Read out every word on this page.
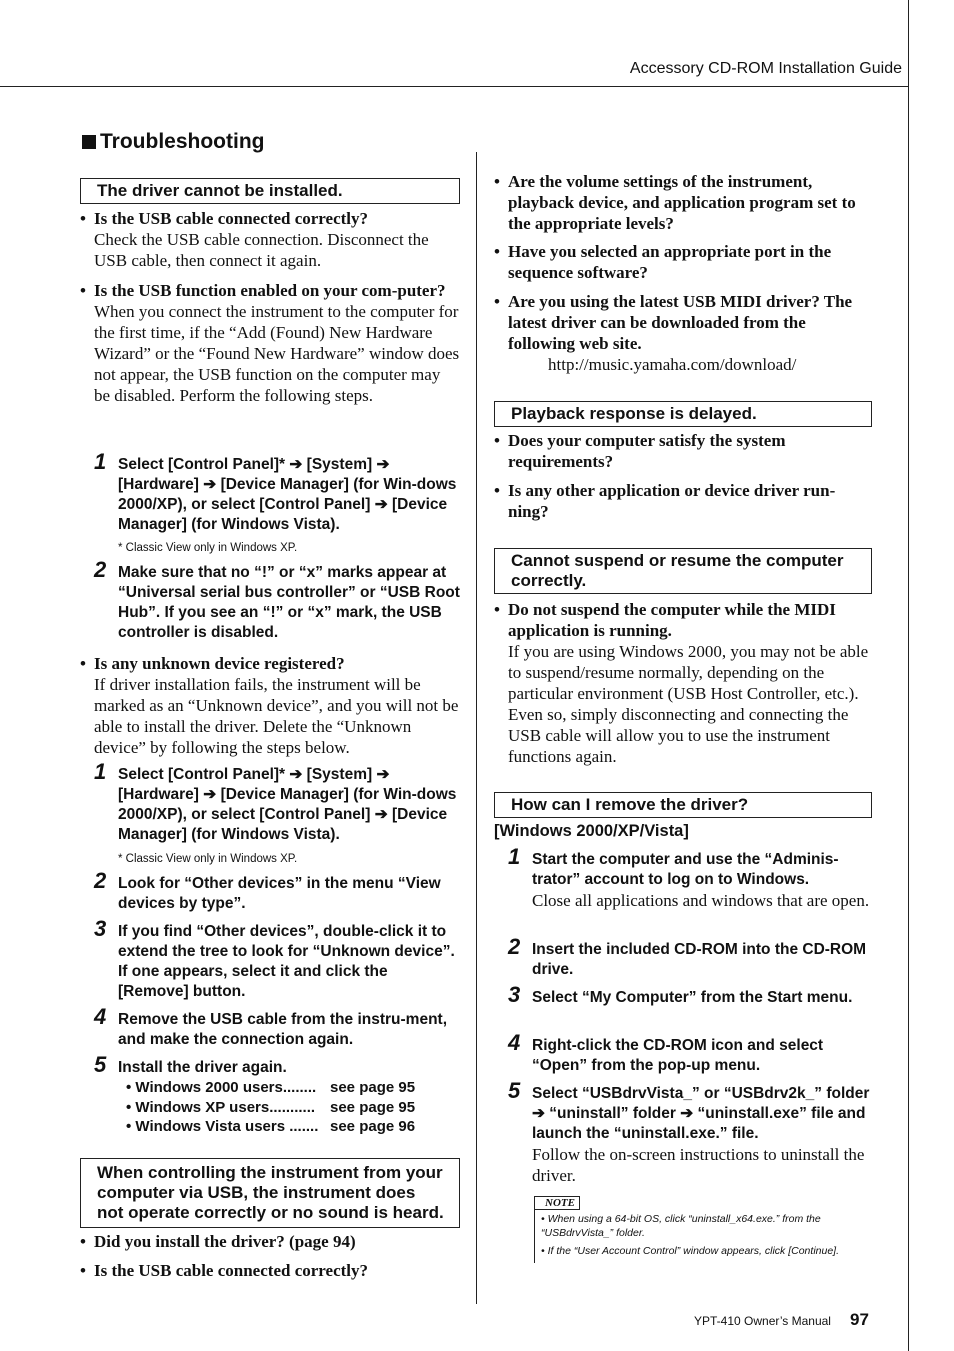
Accessory CD-ROM Installation Guide
Troubleshooting
The driver cannot be installed.
• Is the USB cable connected correctly?
Check the USB cable connection. Disconnect the USB cable, then connect it again.
• Is the USB function enabled on your com-puter?
When you connect the instrument to the computer for the first time, if the “Add (Found) New Hardware Wizard” or the “Found New Hardware” window does not appear, the USB function on the computer may be disabled. Perform the following steps.
1 Select [Control Panel]* ➔ [System] ➔ [Hardware] ➔ [Device Manager] (for Win-dows 2000/XP), or select [Control Panel] ➔ [Device Manager] (for Windows Vista).
* Classic View only in Windows XP.
2 Make sure that no “!” or “x” marks appear at “Universal serial bus controller” or “USB Root Hub”. If you see an “!” or “x” mark, the USB controller is disabled.
• Is any unknown device registered?
If driver installation fails, the instrument will be marked as an “Unknown device”, and you will not be able to install the driver. Delete the “Unknown device” by following the steps below.
1 Select [Control Panel]* ➔ [System] ➔ [Hardware] ➔ [Device Manager] (for Win-dows 2000/XP), or select [Control Panel] ➔ [Device Manager] (for Windows Vista).
* Classic View only in Windows XP.
2 Look for “Other devices” in the menu “View devices by type”.
3 If you find “Other devices”, double-click it to extend the tree to look for “Unknown device”. If one appears, select it and click the [Remove] button.
4 Remove the USB cable from the instru-ment, and make the connection again.
5 Install the driver again.
• Windows 2000 users........ see page 95
• Windows XP users........... see page 95
• Windows Vista users ....... see page 96
When controlling the instrument from your computer via USB, the instrument does not operate correctly or no sound is heard.
• Did you install the driver? (page 94)
• Is the USB cable connected correctly?
• Are the volume settings of the instrument, playback device, and application program set to the appropriate levels?
• Have you selected an appropriate port in the sequence software?
• Are you using the latest USB MIDI driver? The latest driver can be downloaded from the following web site.
http://music.yamaha.com/download/
Playback response is delayed.
• Does your computer satisfy the system requirements?
• Is any other application or device driver run-ning?
Cannot suspend or resume the computer correctly.
• Do not suspend the computer while the MIDI application is running.
If you are using Windows 2000, you may not be able to suspend/resume normally, depending on the particular environment (USB Host Controller, etc.). Even so, simply disconnecting and connecting the USB cable will allow you to use the instrument functions again.
How can I remove the driver?
[Windows 2000/XP/Vista]
1 Start the computer and use the “Adminis-trator” account to log on to Windows.
Close all applications and windows that are open.
2 Insert the included CD-ROM into the CD-ROM drive.
3 Select “My Computer” from the Start menu.
4 Right-click the CD-ROM icon and select “Open” from the pop-up menu.
5 Select “USBdrvVista_” or “USBdrv2k_” folder ➔ “uninstall” folder ➔ “uninstall.exe” file and launch the “uninstall.exe.” file.
Follow the on-screen instructions to uninstall the driver.
NOTE
• When using a 64-bit OS, click “uninstall_x64.exe.” from the “USBdrvVista_” folder.
• If the “User Account Control” window appears, click [Continue].
YPT-410 Owner’s Manual 97
